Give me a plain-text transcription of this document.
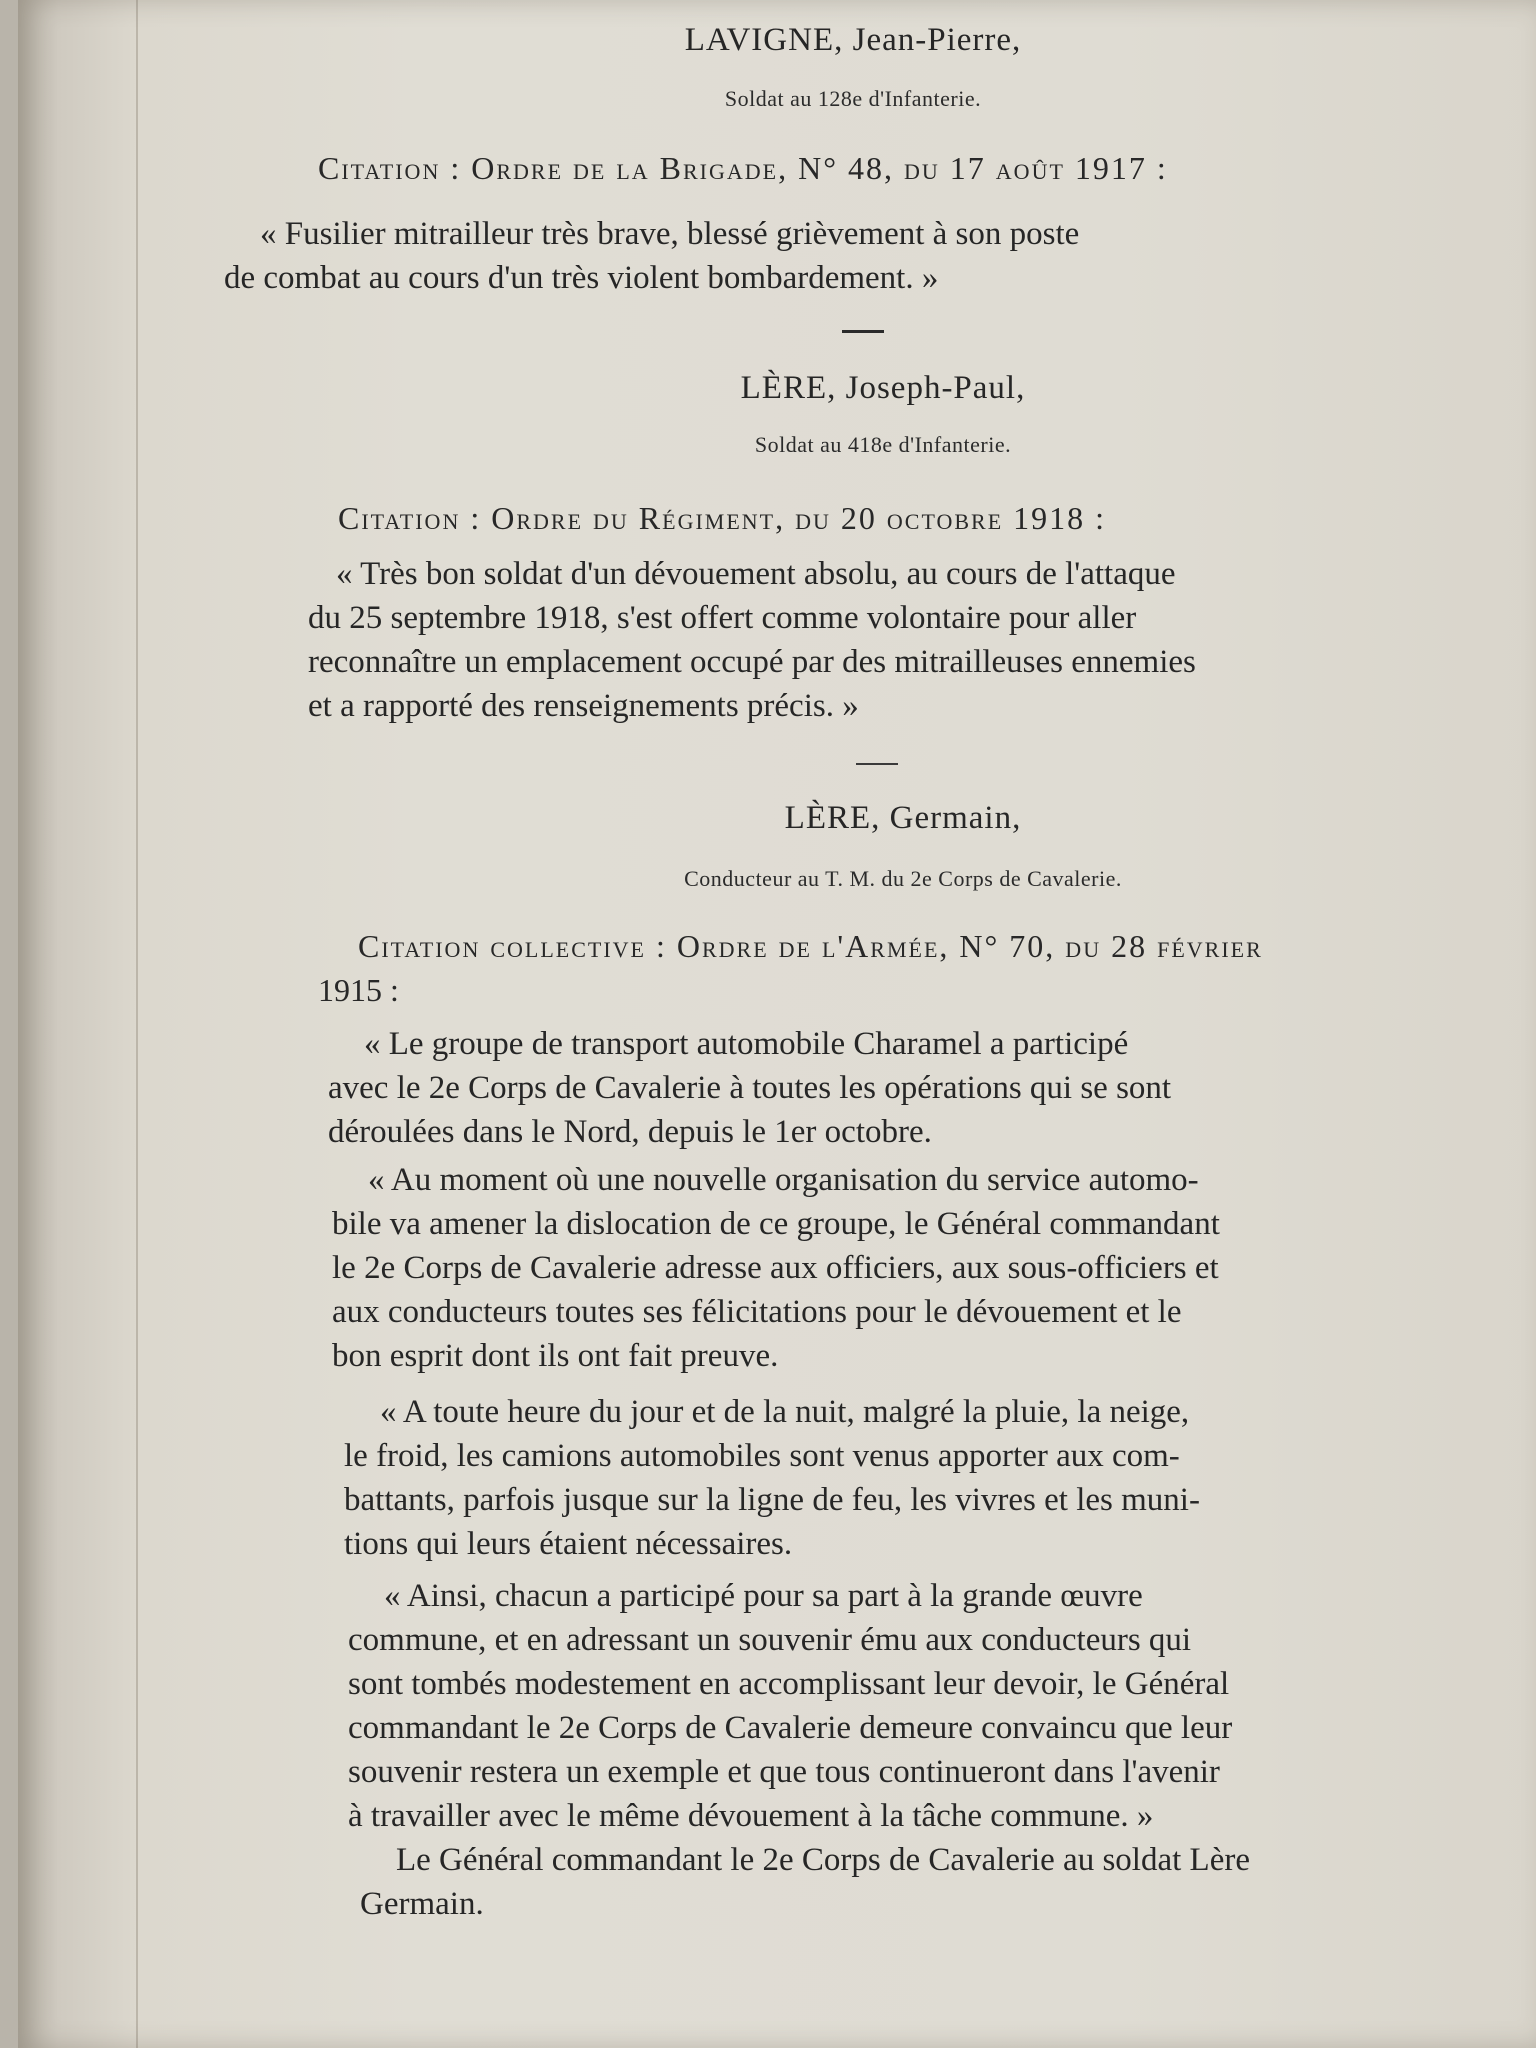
LAVIGNE, Jean-Pierre,
Soldat au 128e d'Infanterie.
Citation : Ordre de la Brigade, N° 48, du 17 août 1917 :
« Fusilier mitrailleur très brave, blessé grièvement à son poste
de combat au cours d'un très violent bombardement. »
LÈRE, Joseph-Paul,
Soldat au 418e d'Infanterie.
Citation : Ordre du Régiment, du 20 octobre 1918 :
« Très bon soldat d'un dévouement absolu, au cours de l'attaque
du 25 septembre 1918, s'est offert comme volontaire pour aller
reconnaître un emplacement occupé par des mitrailleuses ennemies
et a rapporté des renseignements précis. »
LÈRE, Germain,
Conducteur au T. M. du 2e Corps de Cavalerie.
Citation collective : Ordre de l'Armée, N° 70, du 28 février
1915 :
« Le groupe de transport automobile Charamel a participé
avec le 2e Corps de Cavalerie à toutes les opérations qui se sont
déroulées dans le Nord, depuis le 1er octobre.
« Au moment où une nouvelle organisation du service automo-
bile va amener la dislocation de ce groupe, le Général commandant
le 2e Corps de Cavalerie adresse aux officiers, aux sous-officiers et
aux conducteurs toutes ses félicitations pour le dévouement et le
bon esprit dont ils ont fait preuve.
« A toute heure du jour et de la nuit, malgré la pluie, la neige,
le froid, les camions automobiles sont venus apporter aux com-
battants, parfois jusque sur la ligne de feu, les vivres et les muni-
tions qui leurs étaient nécessaires.
« Ainsi, chacun a participé pour sa part à la grande œuvre
commune, et en adressant un souvenir ému aux conducteurs qui
sont tombés modestement en accomplissant leur devoir, le Général
commandant le 2e Corps de Cavalerie demeure convaincu que leur
souvenir restera un exemple et que tous continueront dans l'avenir
à travailler avec le même dévouement à la tâche commune. »
Le Général commandant le 2e Corps de Cavalerie au soldat Lère
Germain.
